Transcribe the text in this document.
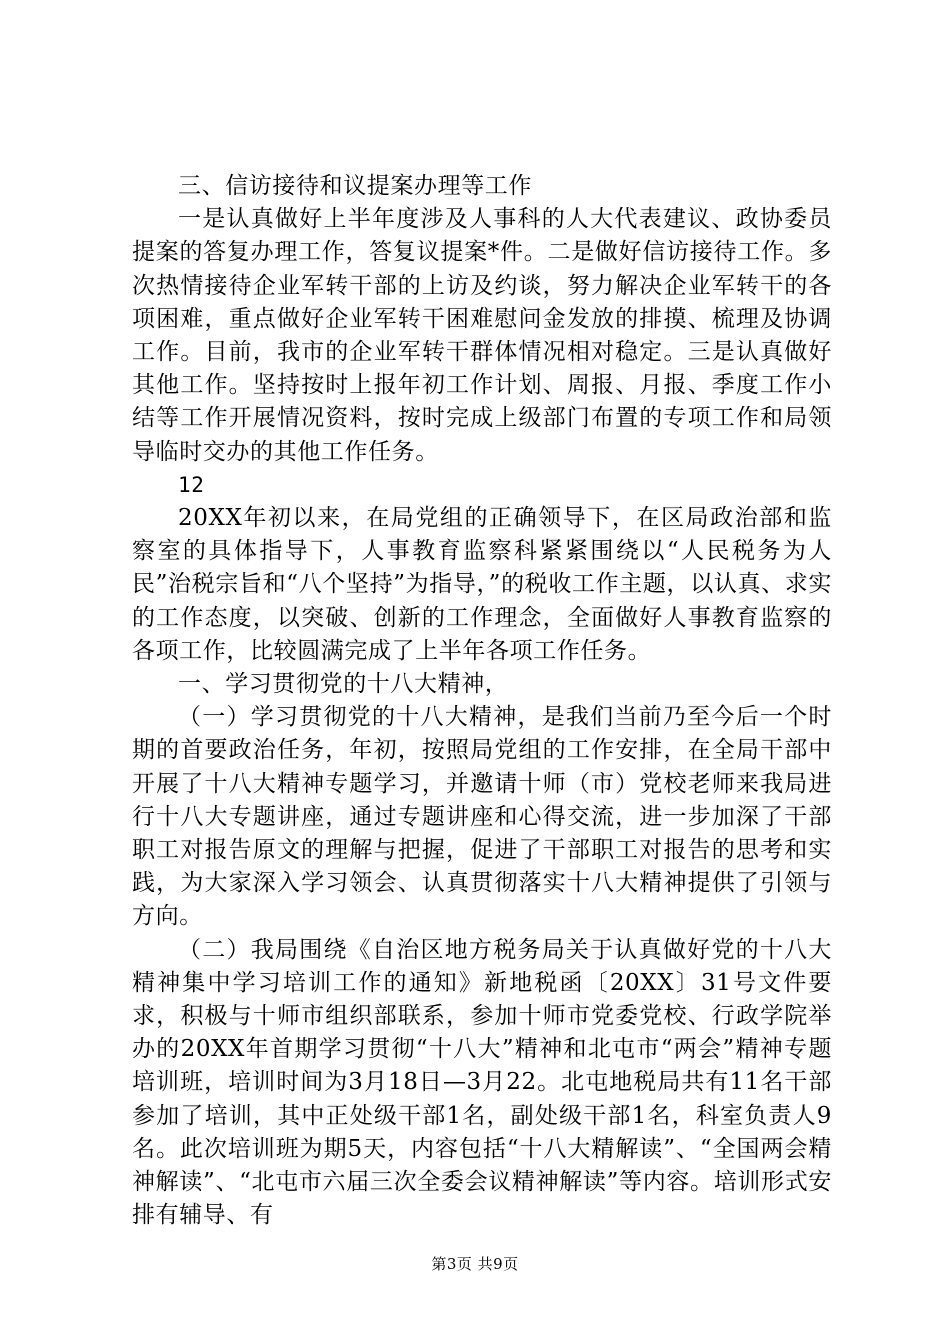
三、信访接待和议提案办理等工作

一是认真做好上半年度涉及人事科的人大代表建议、政协委员提案的答复办理工作，答复议提案*件。二是做好信访接待工作。多次热情接待企业军转干部的上访及约谈，努力解决企业军转干的各项困难，重点做好企业军转干困难慰问金发放的排摸、梳理及协调工作。目前，我市的企业军转干群体情况相对稳定。三是认真做好其他工作。坚持按时上报年初工作计划、周报、月报、季度工作小结等工作开展情况资料，按时完成上级部门布置的专项工作和局领导临时交办的其他工作任务。

12

20XX年初以来，在局党组的正确领导下，在区局政治部和监察室的具体指导下，人事教育监察科紧紧围绕以“人民税务为人民”治税宗旨和“八个坚持”为指导，”的税收工作主题，以认真、求实的工作态度，以突破、创新的工作理念，全面做好人事教育监察的各项工作，比较圆满完成了上半年各项工作任务。

一、学习贯彻党的十八大精神，

（一）学习贯彻党的十八大精神，是我们当前乃至今后一个时期的首要政治任务，年初，按照局党组的工作安排，在全局干部中开展了十八大精神专题学习，并邀请十师（市）党校老师来我局进行十八大专题讲座，通过专题讲座和心得交流，进一步加深了干部职工对报告原文的理解与把握，促进了干部职工对报告的思考和实践，为大家深入学习领会、认真贯彻落实十八大精神提供了引领与方向。

（二）我局围绕《自治区地方税务局关于认真做好党的十八大精神集中学习培训工作的通知》新地税函〔20XX〕31号文件要求，积极与十师市组织部联系，参加十师市党委党校、行政学院举办的20XX年首期学习贯彻“十八大”精神和北屯市“两会”精神专题培训班，培训时间为3月18日—3月22。北屯地税局共有11名干部参加了培训，其中正处级干部1名，副处级干部1名，科室负责人9名。此次培训班为期5天，内容包括“十八大精解读”、“全国两会精神解读”、“北屯市六届三次全委会议精神解读”等内容。培训形式安排有辅导、有

第3页 共9页
